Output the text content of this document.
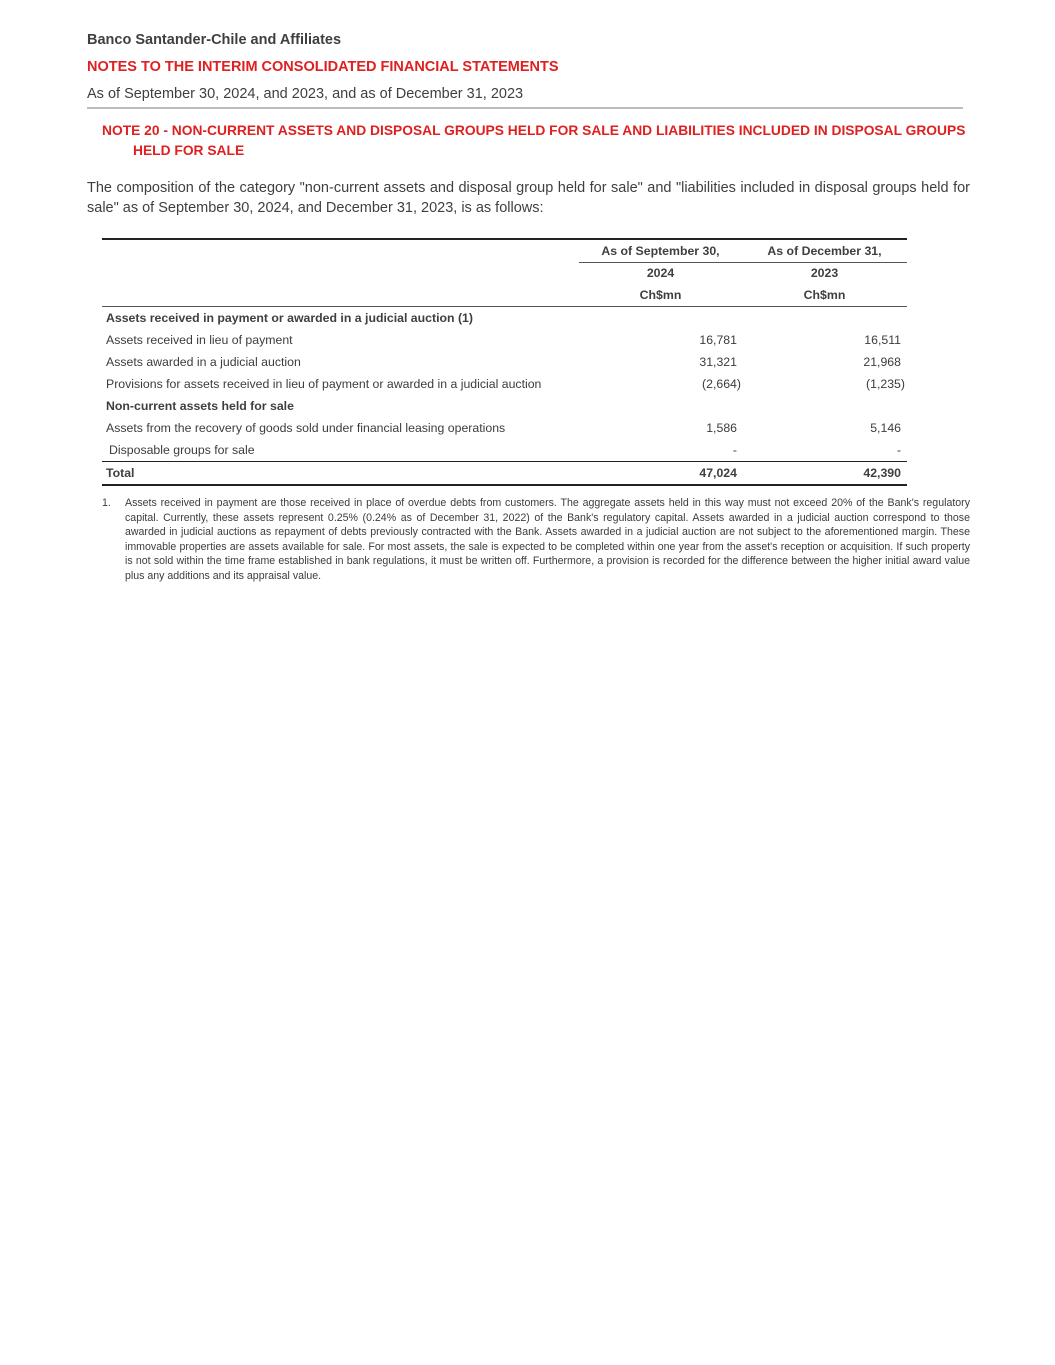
Banco Santander-Chile and Affiliates
NOTES TO THE INTERIM CONSOLIDATED FINANCIAL STATEMENTS
As of September 30, 2024, and 2023, and as of December 31, 2023
NOTE 20 - NON-CURRENT ASSETS AND DISPOSAL GROUPS HELD FOR SALE AND LIABILITIES INCLUDED IN DISPOSAL GROUPS
HELD FOR SALE
The composition of the category "non-current assets and disposal group held for sale" and "liabilities included in disposal groups held for sale" as of September 30, 2024, and December 31, 2023, is as follows:
As of September 30,	As of December 31,
2024	2023
Ch$mn	Ch$mn
Assets received in payment or awarded in a judicial auction (1)
Assets received in lieu of payment	16,781	16,511
Assets awarded in a judicial auction	31,321	21,968
Provisions for assets received in lieu of payment or awarded in a judicial auction	(2,664)	(1,235)
Non-current assets held for sale
Assets from the recovery of goods sold under financial leasing operations	1,586	5,146
Disposable groups for sale	-	-
Total	47,024	42,390
1. Assets received in payment are those received in place of overdue debts from customers. The aggregate assets held in this way must not exceed 20% of the Bank's regulatory capital. Currently, these assets represent 0.25% (0.24% as of December 31, 2022) of the Bank's regulatory capital. Assets awarded in a judicial auction correspond to those awarded in judicial auctions as repayment of debts previously contracted with the Bank. Assets awarded in a judicial auction are not subject to the aforementioned margin. These immovable properties are assets available for sale. For most assets, the sale is expected to be completed within one year from the asset's reception or acquisition. If such property is not sold within the time frame established in bank regulations, it must be written off. Furthermore, a provision is recorded for the difference between the higher initial award value plus any additions and its appraisal value.
